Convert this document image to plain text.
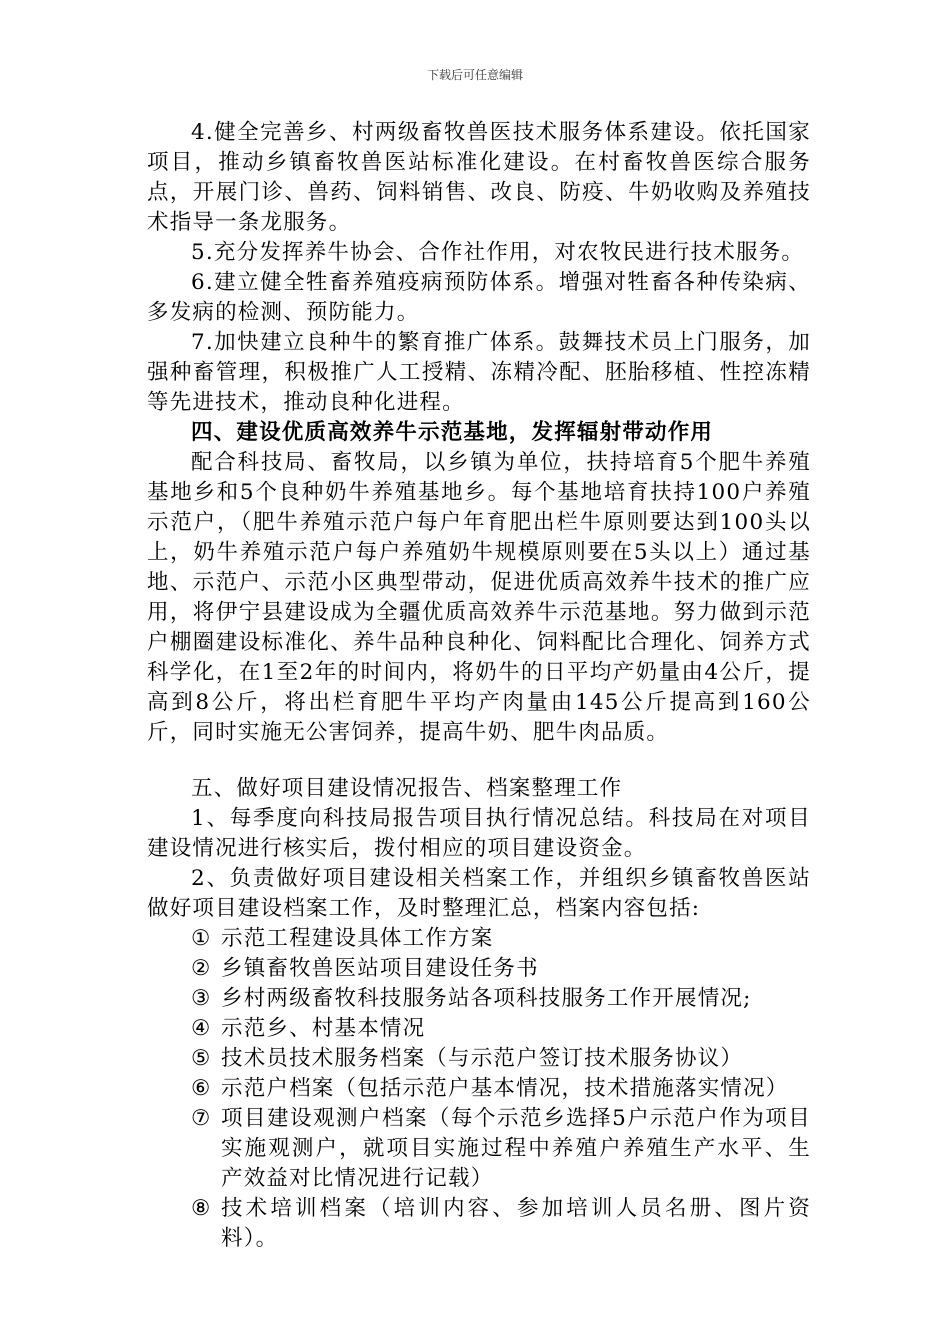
下载后可任意编辑

4.健全完善乡、村两级畜牧兽医技术服务体系建设。依托国家项目，推动乡镇畜牧兽医站标准化建设。在村畜牧兽医综合服务点，开展门诊、兽药、饲料销售、改良、防疫、牛奶收购及养殖技术指导一条龙服务。

5.充分发挥养牛协会、合作社作用，对农牧民进行技术服务。

6.建立健全牲畜养殖疫病预防体系。增强对牲畜各种传染病、多发病的检测、预防能力。

7.加快建立良种牛的繁育推广体系。鼓舞技术员上门服务，加强种畜管理，积极推广人工授精、冻精冷配、胚胎移植、性控冻精等先进技术，推动良种化进程。

四、建设优质高效养牛示范基地，发挥辐射带动作用

配合科技局、畜牧局，以乡镇为单位，扶持培育5个肥牛养殖基地乡和5个良种奶牛养殖基地乡。每个基地培育扶持100户养殖示范户，（肥牛养殖示范户每户年育肥出栏牛原则要达到100头以上，奶牛养殖示范户每户养殖奶牛规模原则要在5头以上）通过基地、示范户、示范小区典型带动，促进优质高效养牛技术的推广应用，将伊宁县建设成为全疆优质高效养牛示范基地。努力做到示范户棚圈建设标准化、养牛品种良种化、饲料配比合理化、饲养方式科学化，在1至2年的时间内，将奶牛的日平均产奶量由4公斤，提高到8公斤，将出栏育肥牛平均产肉量由145公斤提高到160公斤，同时实施无公害饲养，提高牛奶、肥牛肉品质。

五、做好项目建设情况报告、档案整理工作

1、每季度向科技局报告项目执行情况总结。科技局在对项目建设情况进行核实后，拨付相应的项目建设资金。

2、负责做好项目建设相关档案工作，并组织乡镇畜牧兽医站做好项目建设档案工作，及时整理汇总，档案内容包括:

① 示范工程建设具体工作方案
② 乡镇畜牧兽医站项目建设任务书
③ 乡村两级畜牧科技服务站各项科技服务工作开展情况;
④ 示范乡、村基本情况
⑤ 技术员技术服务档案（与示范户签订技术服务协议）
⑥ 示范户档案（包括示范户基本情况，技术措施落实情况）
⑦ 项目建设观测户档案（每个示范乡选择5户示范户作为项目实施观测户，就项目实施过程中养殖户养殖生产水平、生产效益对比情况进行记载）
⑧ 技术培训档案（培训内容、参加培训人员名册、图片资料）。
